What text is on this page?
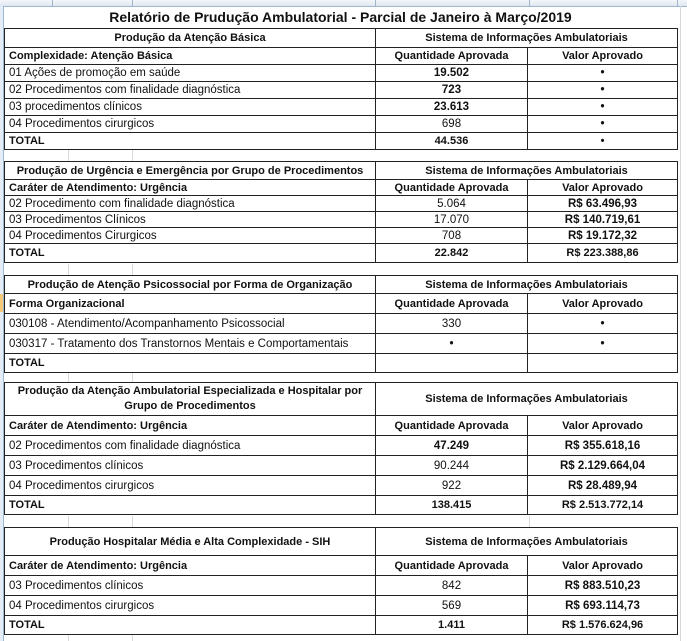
Relatório de Prudução Ambulatorial - Parcial de Janeiro à Março/2019
Produção da Atenção Básica	Sistema de Informações Ambulatoriais	
Complexidade: Atenção Básica	Quantidade Aprovada	Valor Aprovado
01 Ações de promoção em saúde	19.502	•
02 Procedimentos com finalidade diagnóstica	723	•
03 procedimentos clínicos	23.613	•
04 Procedimentos cirurgicos	698	•
TOTAL	44.536	•
Produção de Urgência e Emergência por Grupo de Procedimentos	Sistema de Informações Ambulatoriais	
Caráter de Atendimento: Urgência	Quantidade Aprovada	Valor Aprovado
02 Procedimento com finalidade diagnóstica	5.064	R$ 63.496,93
03 Procedimentos Clínicos	17.070	R$ 140.719,61
04 Procedimentos Cirurgicos	708	R$ 19.172,32
TOTAL	22.842	R$ 223.388,86
Produção de Atenção Psicossocial por Forma de Organização	Sistema de Informações Ambulatoriais	
Forma Organizacional	Quantidade Aprovada	Valor Aprovado
030108 - Atendimento/Acompanhamento Psicossocial	330	•
030317 - Tratamento dos Transtornos Mentais e Comportamentais	•	•
TOTAL		
Produção da Atenção Ambulatorial Especializada e Hospitalar por Grupo de Procedimentos	Sistema de Informações Ambulatoriais	
Caráter de Atendimento: Urgência	Quantidade Aprovada	Valor Aprovado
02 Procedimentos com finalidade diagnóstica	47.249	R$ 355.618,16
03 Procedimentos clínicos	90.244	R$ 2.129.664,04
04 Procedimentos cirurgicos	922	R$ 28.489,94
TOTAL	138.415	R$ 2.513.772,14
Produção Hospitalar Média e Alta Complexidade - SIH	Sistema de Informações Ambulatoriais	
Caráter de Atendimento: Urgência	Quantidade Aprovada	Valor Aprovado
03 Procedimentos clínicos	842	R$ 883.510,23
04 Procedimentos cirurgicos	569	R$ 693.114,73
TOTAL	1.411	R$ 1.576.624,96
